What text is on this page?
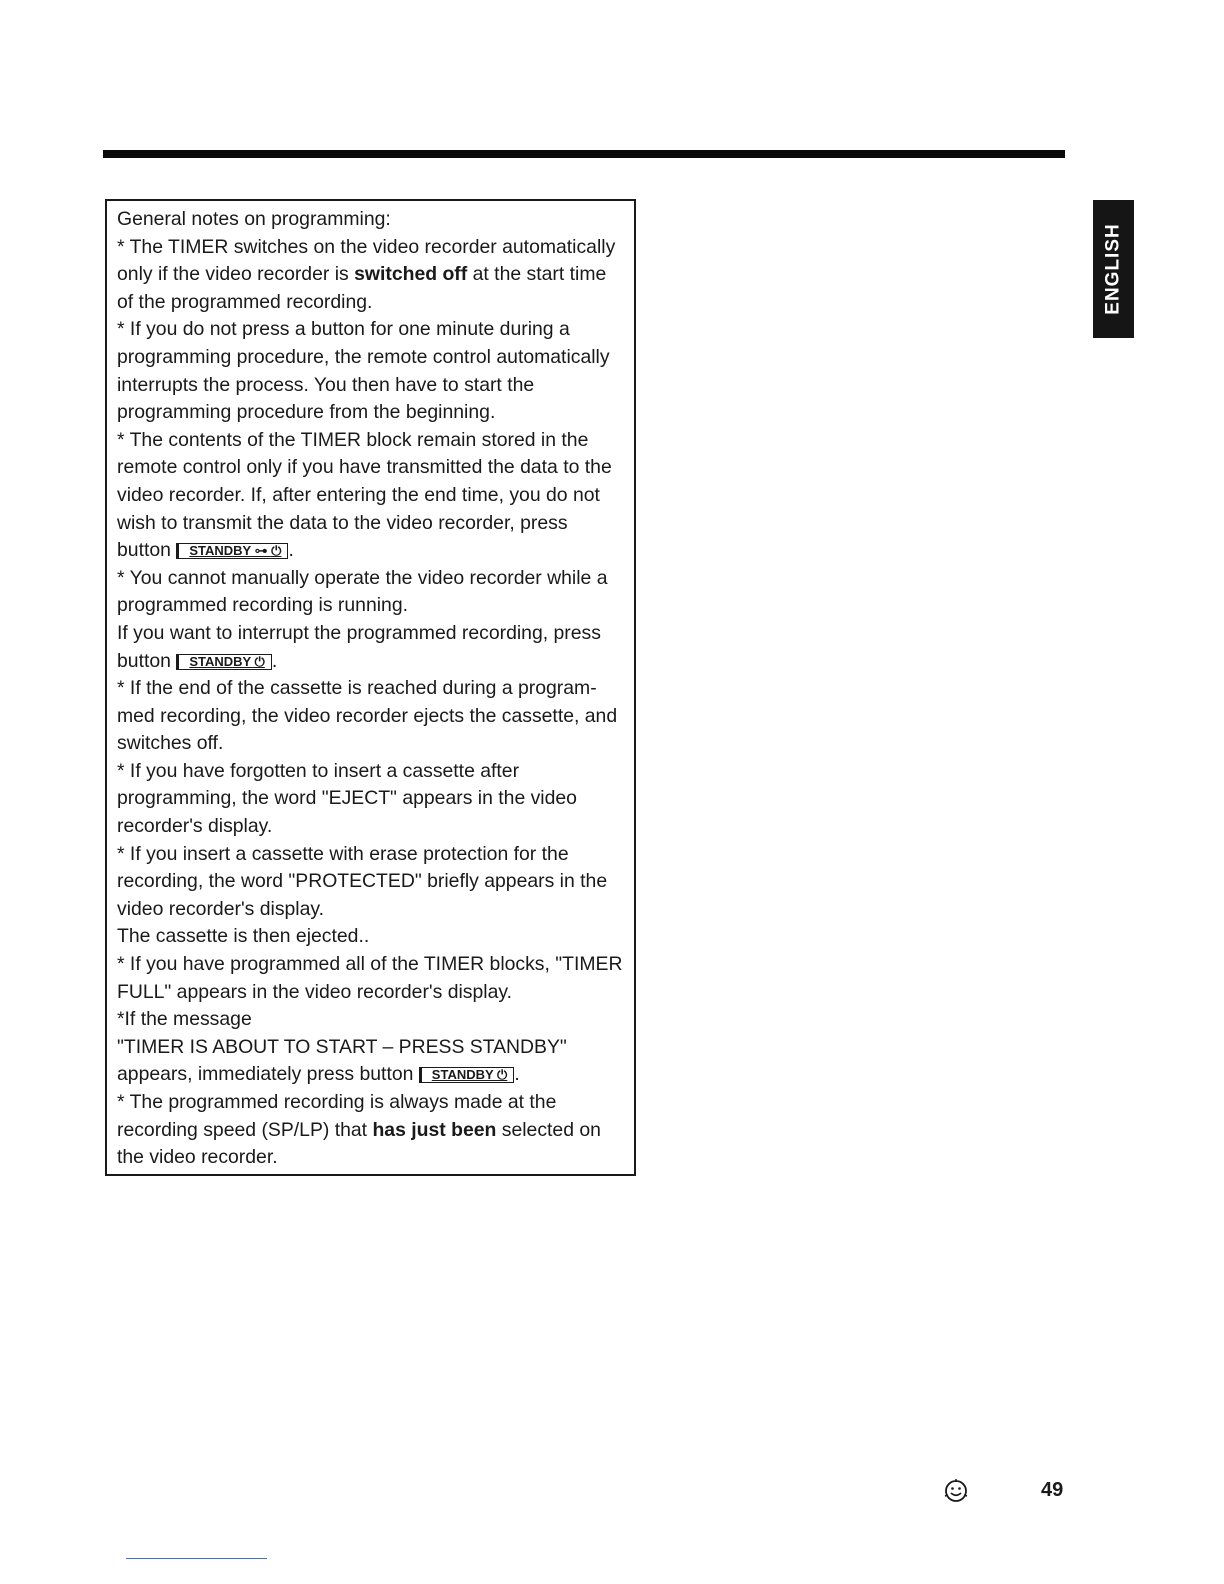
ENGLISH

General notes on programming:

* The TIMER switches on the video recorder automatically only if the video recorder is switched off at the start time of the programmed recording.

* If you do not press a button for one minute during a programming procedure, the remote control automatically interrupts the process. You then have to start the programming procedure from the beginning.

* The contents of the TIMER block remain stored in the remote control only if you have transmitted the data to the video recorder. If, after entering the end time, you do not wish to transmit the data to the video recorder, press button STANDBY ⊶ ⏻ .

* You cannot manually operate the video recorder while a programmed recording is running.

If you want to interrupt the programmed recording, press button STANDBY ⏻ .

* If the end of the cassette is reached during a program-med recording, the video recorder ejects the cassette, and switches off.

* If you have forgotten to insert a cassette after programming, the word "EJECT" appears in the video recorder's display.

* If you insert a cassette with erase protection for the recording, the word "PROTECTED" briefly appears in the video recorder's display.

The cassette is then ejected..

* If you have programmed all of the TIMER blocks, "TIMER FULL" appears in the video recorder's display.

*If the message

"TIMER IS ABOUT TO START – PRESS STANDBY"

appears, immediately press button STANDBY ⏻ .

* The programmed recording is always made at the recording speed (SP/LP) that has just been selected on the video recorder.

49
